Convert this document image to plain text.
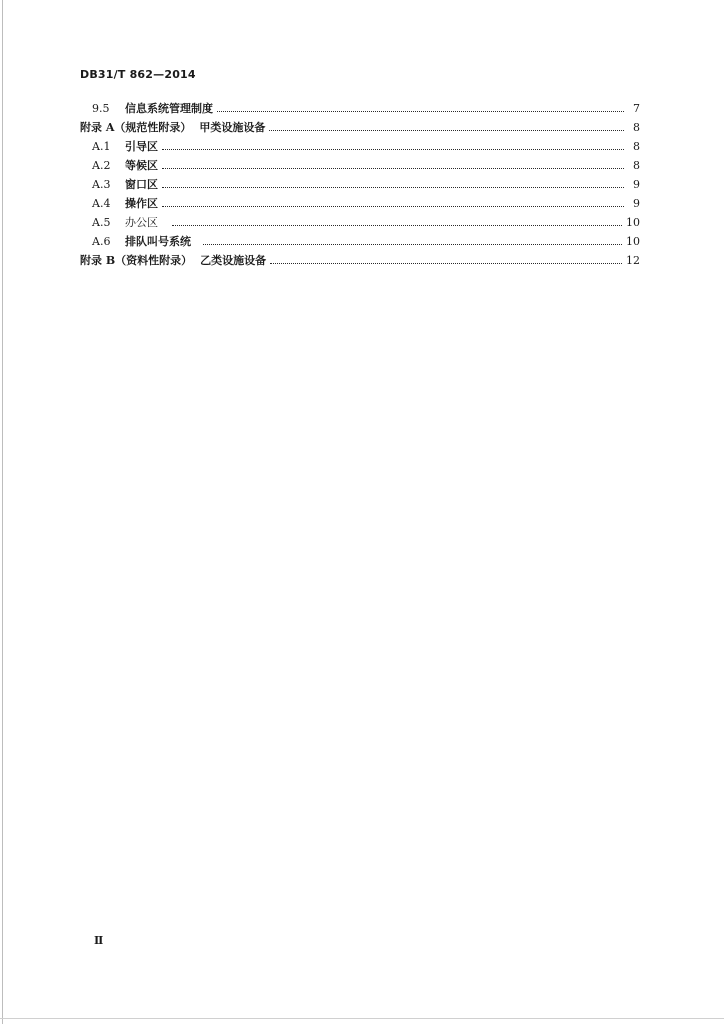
DB31/T 862—2014
9.5	信息系统管理制度	7
附录 A（规范性附录） 甲类设施设备	8
A.1	引导区	8
A.2	等候区	8
A.3	窗口区	9
A.4	操作区	9
A.5	办公区	10
A.6	排队叫号系统	10
附录 B（资料性附录） 乙类设施设备	12
Ⅱ
